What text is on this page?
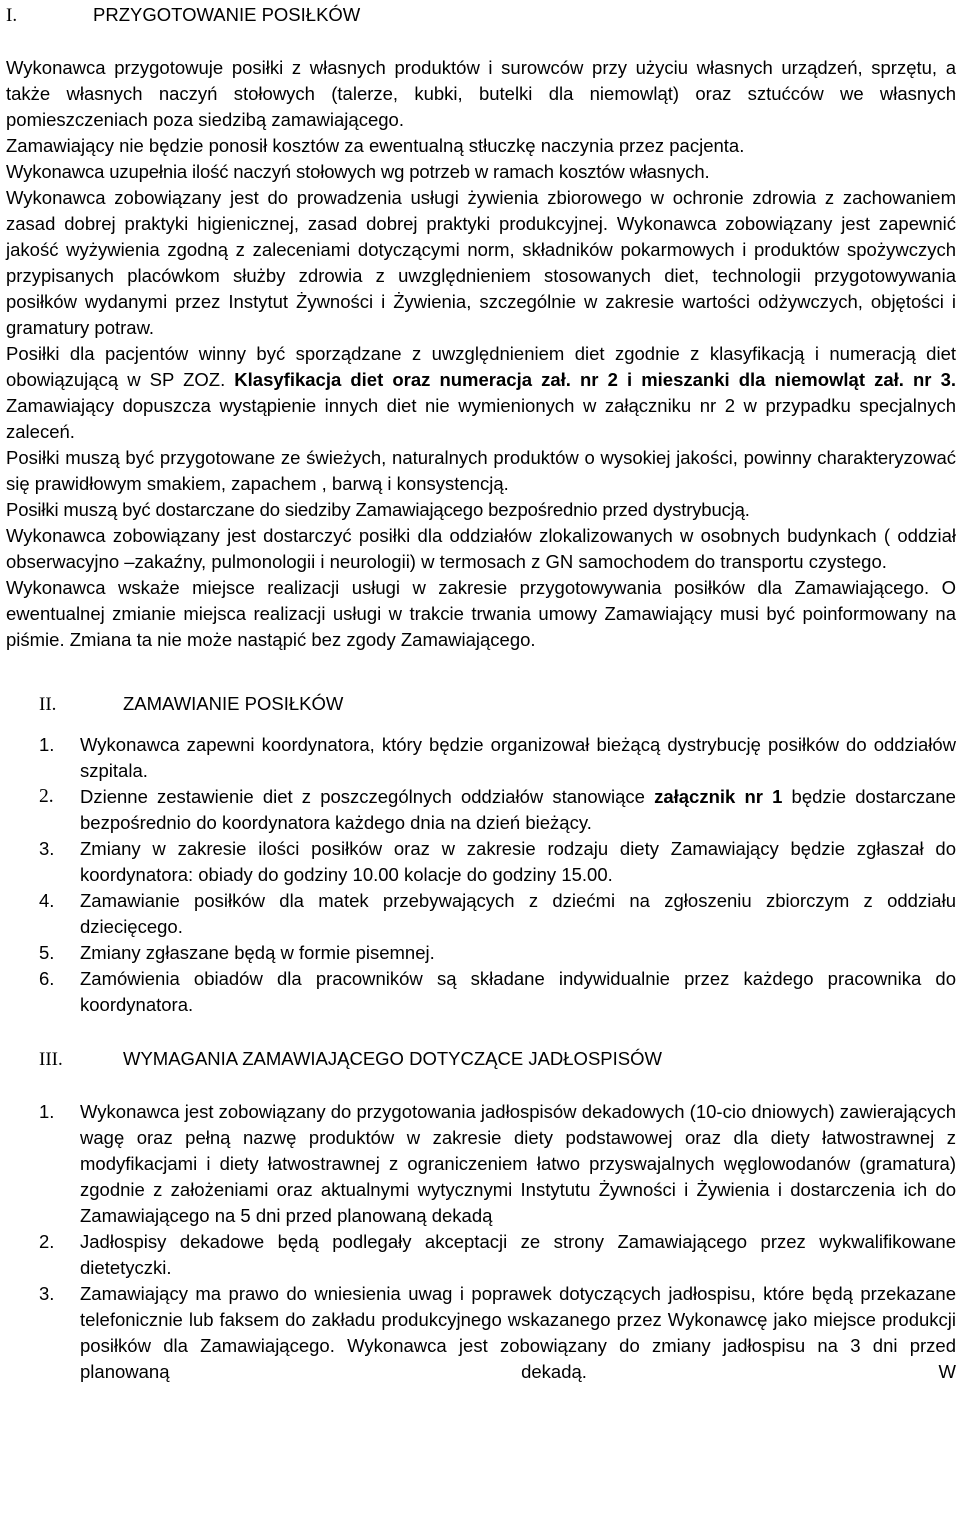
I.	PRZYGOTOWANIE POSIŁKÓW
Wykonawca przygotowuje posiłki z własnych produktów i surowców przy użyciu własnych urządzeń, sprzętu, a także własnych naczyń stołowych (talerze, kubki, butelki dla niemowląt) oraz sztućców we własnych pomieszczeniach poza siedzibą zamawiającego.
Zamawiający nie będzie ponosił kosztów za ewentualną stłuczkę naczynia przez pacjenta.
Wykonawca uzupełnia ilość naczyń stołowych wg potrzeb w ramach kosztów własnych.
Wykonawca zobowiązany jest do prowadzenia usługi żywienia zbiorowego w ochronie zdrowia z zachowaniem zasad dobrej praktyki higienicznej, zasad dobrej praktyki produkcyjnej. Wykonawca zobowiązany jest zapewnić jakość wyżywienia zgodną z zaleceniami dotyczącymi norm, składników pokarmowych i produktów spożywczych przypisanych placówkom służby zdrowia z uwzględnieniem stosowanych diet, technologii przygotowywania posiłków wydanymi przez Instytut Żywności i Żywienia, szczególnie w zakresie wartości odżywczych, objętości i gramatury potraw.
Posiłki dla pacjentów winny być sporządzane z uwzględnieniem diet zgodnie z klasyfikacją i numeracją diet obowiązującą w SP ZOZ. Klasyfikacja diet oraz numeracja zał. nr 2 i mieszanki dla niemowląt zał. nr 3. Zamawiający dopuszcza wystąpienie innych diet nie wymienionych w załączniku nr 2 w przypadku specjalnych zaleceń.
Posiłki muszą być przygotowane ze świeżych, naturalnych produktów o wysokiej jakości, powinny charakteryzować się prawidłowym smakiem, zapachem , barwą i konsystencją.
Posiłki muszą być dostarczane do siedziby Zamawiającego bezpośrednio przed dystrybucją.
Wykonawca zobowiązany jest dostarczyć posiłki dla oddziałów zlokalizowanych w osobnych budynkach ( oddział obserwacyjno –zakaźny, pulmonologii i neurologii) w termosach z GN samochodem do transportu czystego.
Wykonawca wskaże miejsce realizacji usługi w zakresie przygotowywania posiłków dla Zamawiającego. O ewentualnej zmianie miejsca realizacji usługi w trakcie trwania umowy Zamawiający musi być poinformowany na piśmie. Zmiana ta nie może nastąpić bez zgody Zamawiającego.
II.	ZAMAWIANIE POSIŁKÓW
1.	Wykonawca zapewni koordynatora, który będzie organizował bieżącą dystrybucję posiłków do oddziałów szpitala.
2.	Dzienne zestawienie diet z poszczególnych oddziałów stanowiące załącznik nr 1 będzie dostarczane bezpośrednio do koordynatora każdego dnia na dzień bieżący.
3.	Zmiany w zakresie ilości posiłków oraz w zakresie rodzaju diety Zamawiający będzie zgłaszał do koordynatora: obiady do godziny 10.00 kolacje do godziny 15.00.
4.	Zamawianie posiłków dla matek przebywających z dziećmi na zgłoszeniu zbiorczym z oddziału dziecięcego.
5.	Zmiany zgłaszane będą w formie pisemnej.
6.	Zamówienia obiadów dla pracowników są składane indywidualnie przez każdego pracownika do koordynatora.
III.	WYMAGANIA ZAMAWIAJĄCEGO DOTYCZĄCE JADŁOSPISÓW
1.	Wykonawca jest zobowiązany do przygotowania jadłospisów dekadowych (10-cio dniowych) zawierających wagę oraz pełną nazwę produktów w zakresie diety podstawowej oraz dla diety łatwostrawnej z modyfikacjami i diety łatwostrawnej z ograniczeniem łatwo przyswajalnych węglowodanów (gramatura) zgodnie z założeniami oraz aktualnymi wytycznymi Instytutu Żywności i Żywienia i dostarczenia ich do Zamawiającego na 5 dni przed planowaną dekadą
2.	Jadłospisy dekadowe będą podlegały akceptacji ze strony Zamawiającego przez wykwalifikowane dietetyczki.
3.	Zamawiający ma prawo do wniesienia uwag i poprawek dotyczących jadłospisu, które będą przekazane telefonicznie lub faksem do zakładu produkcyjnego wskazanego przez Wykonawcę jako miejsce produkcji posiłków dla Zamawiającego. Wykonawca jest zobowiązany do zmiany jadłospisu na 3 dni przed planowaną dekadą. W
